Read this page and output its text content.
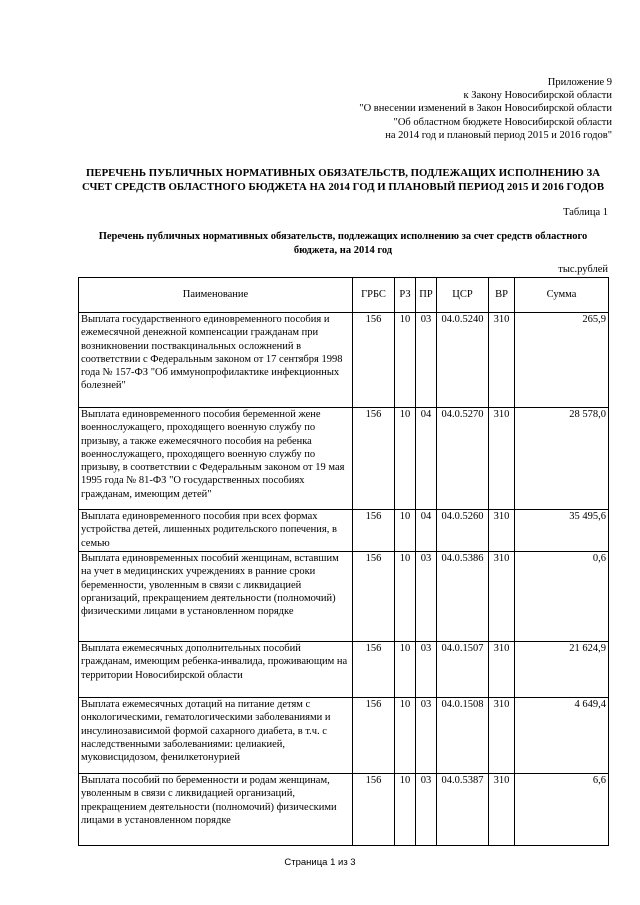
Приложение 9
к Закону Новосибирской области
"О внесении изменений в Закон Новосибирской области
"Об областном бюджете Новосибирской области
на 2014 год и плановый период 2015 и 2016 годов"
ПЕРЕЧЕНЬ ПУБЛИЧНЫХ НОРМАТИВНЫХ ОБЯЗАТЕЛЬСТВ, ПОДЛЕЖАЩИХ ИСПОЛНЕНИЮ ЗА СЧЕТ СРЕДСТВ ОБЛАСТНОГО БЮДЖЕТА НА 2014 ГОД И ПЛАНОВЫЙ ПЕРИОД 2015 И 2016 ГОДОВ
Таблица 1
Перечень публичных нормативных обязательств, подлежащих исполнению за счет средств областного бюджета, на 2014 год
тыс.рублей
Паименование	ГРБС	РЗ	ПР	ЦСР	ВР	Сумма
Выплата государственного единовременного пособия и ежемесячной денежной компенсации гражданам при возникновении поствакцинальных осложнений в соответствии с Федеральным законом от 17 сентября 1998 года № 157-ФЗ "Об иммунопрофилактике инфекционных болезней"	156	10	03	04.0.5240	310	265,9
Выплата единовременного пособия беременной жене военнослужащего, проходящего военную службу по призыву, а также ежемесячного пособия на ребенка военнослужащего, проходящего военную службу по призыву, в соответствии с Федеральным законом от 19 мая 1995 года № 81-ФЗ "О государственных пособиях гражданам, имеющим детей"	156	10	04	04.0.5270	310	28 578,0
Выплата единовременного пособия при всех формах устройства детей, лишенных родительского попечения, в семью	156	10	04	04.0.5260	310	35 495,6
Выплата единовременных пособий женщинам, вставшим на учет в медицинских учреждениях в ранние сроки беременности, уволенным в связи с ликвидацией организаций, прекращением деятельности (полномочий) физическими лицами в установленном порядке	156	10	03	04.0.5386	310	0,6
Выплата ежемесячных дополнительных пособий гражданам, имеющим ребенка-инвалида, проживающим на территории Новосибирской области	156	10	03	04.0.1507	310	21 624,9
Выплата ежемесячных дотаций на питание детям с онкологическими, гематологическими заболеваниями и инсулинозависимой формой сахарного диабета, в т.ч. с наследственными заболеваниями: целиакией, муковисцидозом, фенилкетонурией	156	10	03	04.0.1508	310	4 649,4
Выплата пособий по беременности и родам женщинам, уволенным в связи с ликвидацией организаций, прекращением деятельности (полномочий) физическими лицами в установленном порядке	156	10	03	04.0.5387	310	6,6
Страница 1 из 3
